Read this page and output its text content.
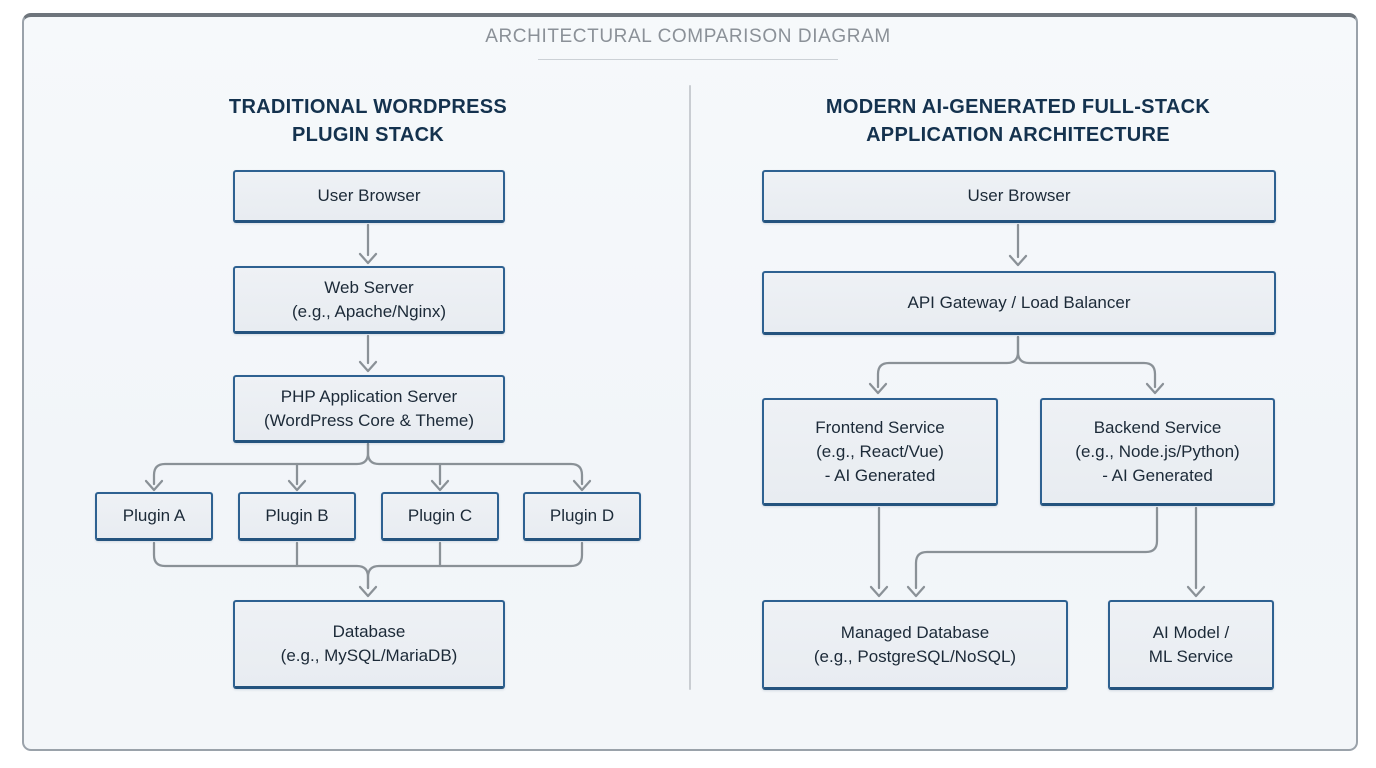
ARCHITECTURAL COMPARISON DIAGRAM
TRADITIONAL WORDPRESS
PLUGIN STACK
MODERN AI-GENERATED FULL-STACK
APPLICATION ARCHITECTURE
User Browser
Web Server
(e.g., Apache/Nginx)
PHP Application Server
(WordPress Core & Theme)
Plugin A	Plugin B	Plugin C	Plugin D
Database
(e.g., MySQL/MariaDB)
User Browser
API Gateway / Load Balancer
Frontend Service
(e.g., React/Vue)
- AI Generated
Backend Service
(e.g., Node.js/Python)
- AI Generated
Managed Database
(e.g., PostgreSQL/NoSQL)
AI Model /
ML Service
